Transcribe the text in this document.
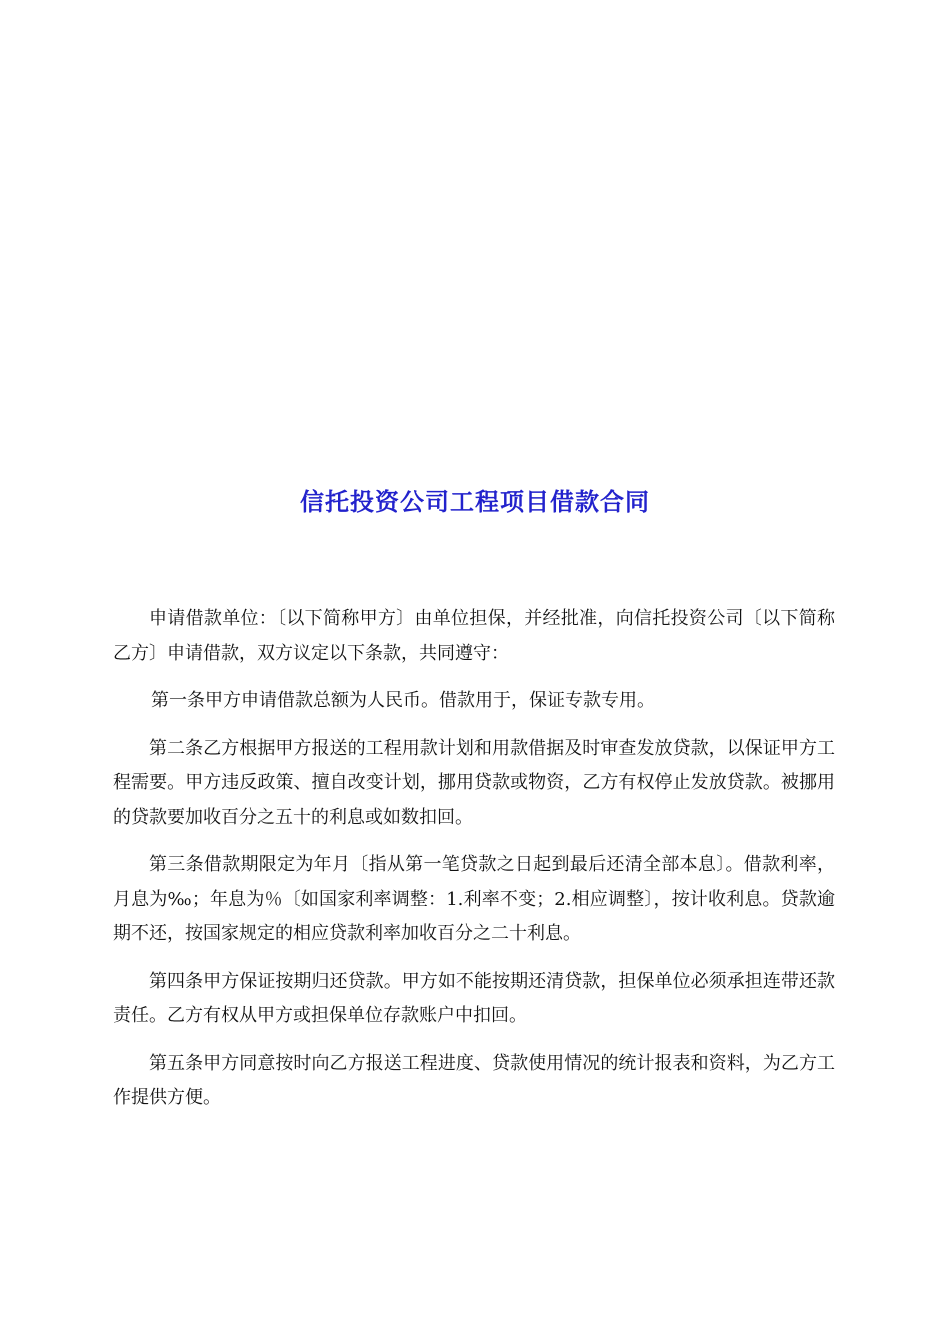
信托投资公司工程项目借款合同

申请借款单位：〔以下简称甲方〕由单位担保，并经批准，向信托投资公司〔以下简称乙方〕申请借款，双方议定以下条款，共同遵守：

第一条甲方申请借款总额为人民币。借款用于，保证专款专用。

第二条乙方根据甲方报送的工程用款计划和用款借据及时审查发放贷款，以保证甲方工程需要。甲方违反政策、擅自改变计划，挪用贷款或物资，乙方有权停止发放贷款。被挪用的贷款要加收百分之五十的利息或如数扣回。

第三条借款期限定为年月〔指从第一笔贷款之日起到最后还清全部本息〕。借款利率，月息为‰；年息为％〔如国家利率调整：1.利率不变；2.相应调整〕，按计收利息。贷款逾期不还，按国家规定的相应贷款利率加收百分之二十利息。

第四条甲方保证按期归还贷款。甲方如不能按期还清贷款，担保单位必须承担连带还款责任。乙方有权从甲方或担保单位存款账户中扣回。

第五条甲方同意按时向乙方报送工程进度、贷款使用情况的统计报表和资料，为乙方工作提供方便。
